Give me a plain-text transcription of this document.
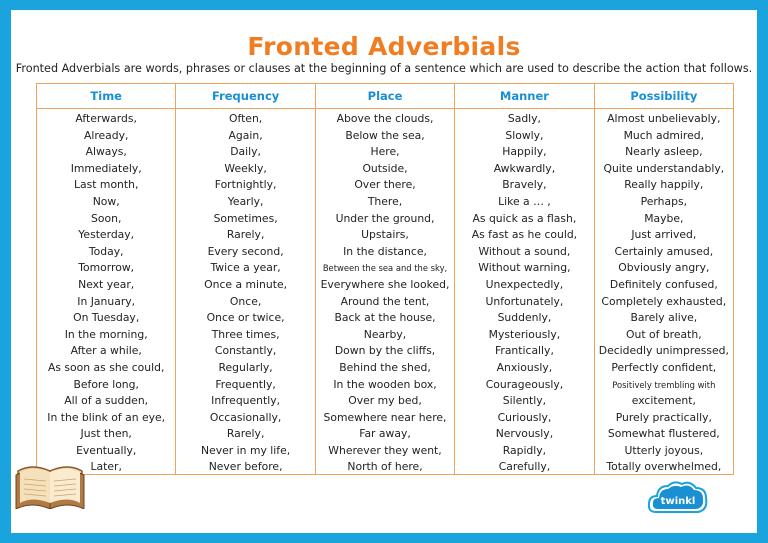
Fronted Adverbials
Fronted Adverbials are words, phrases or clauses at the beginning of a sentence which are used to describe the action that follows.
Time
Afterwards,
Already,
Always,
Immediately,
Last month,
Now,
Soon,
Yesterday,
Today,
Tomorrow,
Next year,
In January,
On Tuesday,
In the morning,
After a while,
As soon as she could,
Before long,
All of a sudden,
In the blink of an eye,
Just then,
Eventually,
Later,
Frequency
Often,
Again,
Daily,
Weekly,
Fortnightly,
Yearly,
Sometimes,
Rarely,
Every second,
Twice a year,
Once a minute,
Once,
Once or twice,
Three times,
Constantly,
Regularly,
Frequently,
Infrequently,
Occasionally,
Rarely,
Never in my life,
Never before,
Place
Above the clouds,
Below the sea,
Here,
Outside,
Over there,
There,
Under the ground,
Upstairs,
In the distance,
Between the sea and the sky,
Everywhere she looked,
Around the tent,
Back at the house,
Nearby,
Down by the cliffs,
Behind the shed,
In the wooden box,
Over my bed,
Somewhere near here,
Far away,
Wherever they went,
North of here,
Manner
Sadly,
Slowly,
Happily,
Awkwardly,
Bravely,
Like a … ,
As quick as a flash,
As fast as he could,
Without a sound,
Without warning,
Unexpectedly,
Unfortunately,
Suddenly,
Mysteriously,
Frantically,
Anxiously,
Courageously,
Silently,
Curiously,
Nervously,
Rapidly,
Carefully,
Possibility
Almost unbelievably,
Much admired,
Nearly asleep,
Quite understandably,
Really happily,
Perhaps,
Maybe,
Just arrived,
Certainly amused,
Obviously angry,
Definitely confused,
Completely exhausted,
Barely alive,
Out of breath,
Decidedly unimpressed,
Perfectly confident,
Positively trembling with
excitement,
Purely practically,
Somewhat flustered,
Utterly joyous,
Totally overwhelmed,
twinkl
